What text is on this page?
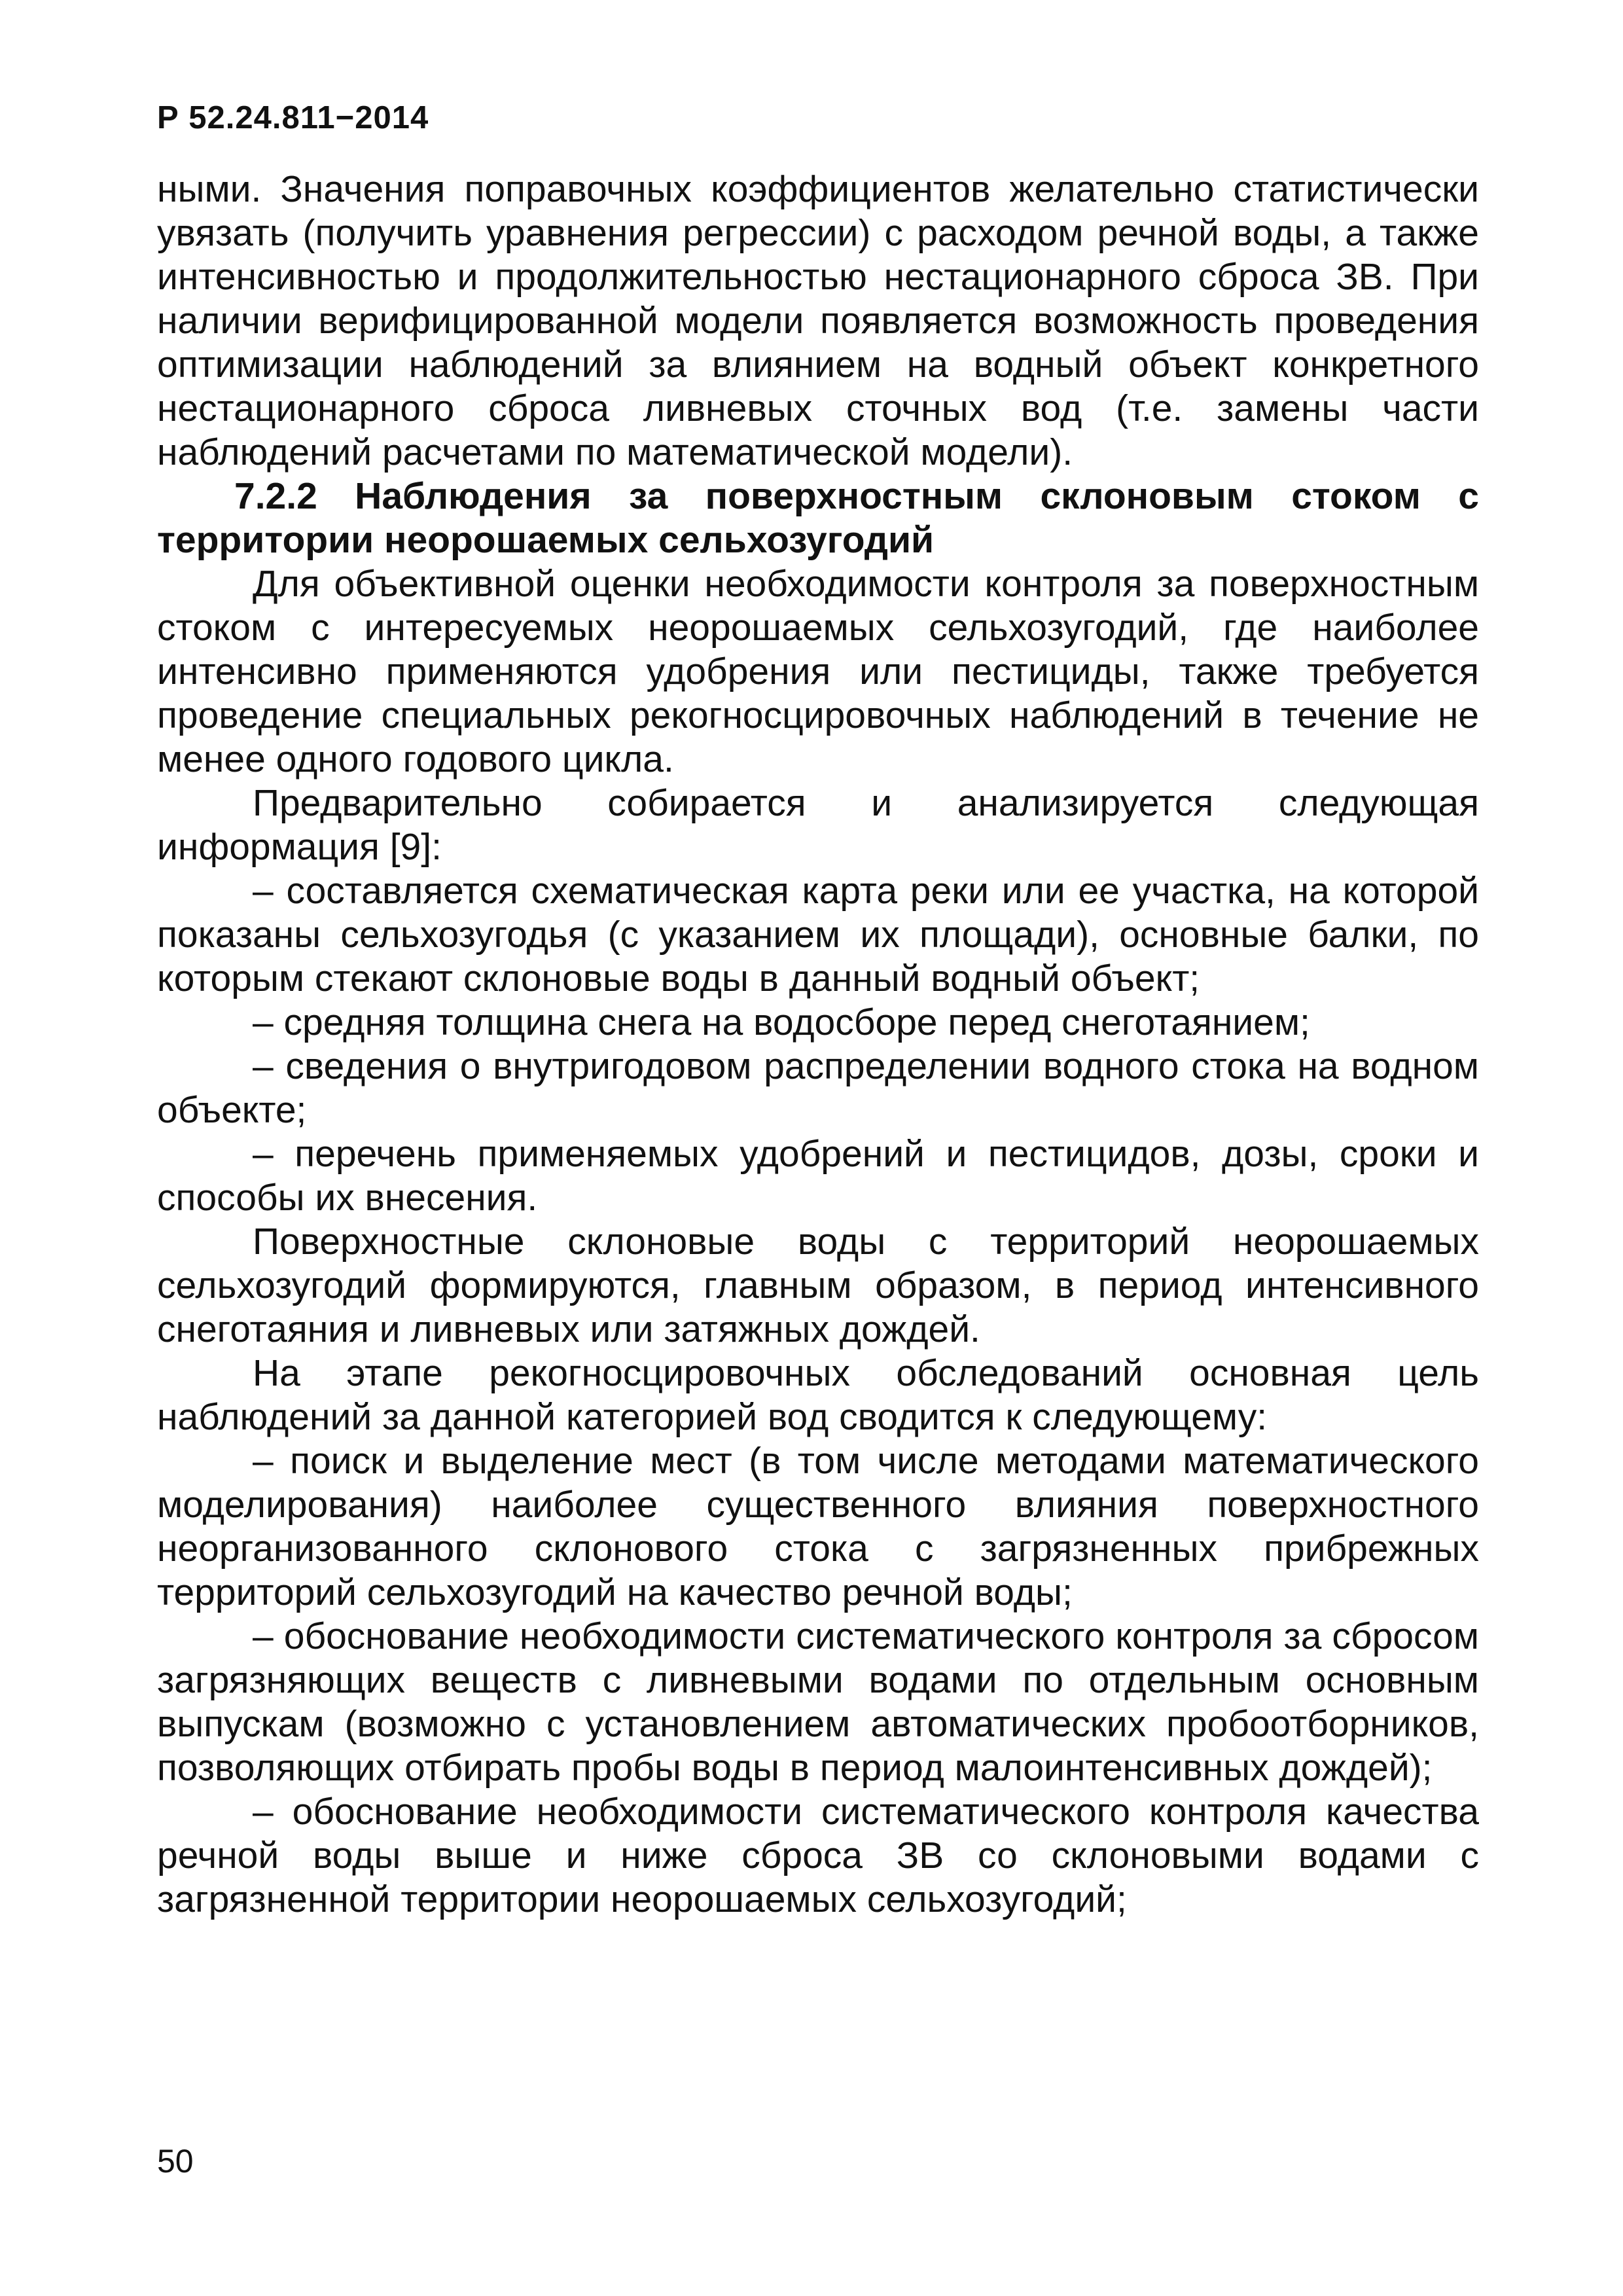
Р 52.24.811−2014

ными. Значения поправочных коэффициентов желательно статистически увязать (получить уравнения регрессии) с расходом речной воды, а также интенсивностью и продолжительностью нестационарного сброса ЗВ. При наличии верифицированной модели появляется возможность проведения оптимизации наблюдений за влиянием на водный объект конкретного нестационарного сброса ливневых сточных вод (т.е. замены части наблюдений расчетами по математической модели).

7.2.2 Наблюдения за поверхностным склоновым стоком с территории неорошаемых сельхозугодий

Для объективной оценки необходимости контроля за поверхностным стоком с интересуемых неорошаемых сельхозугодий, где наиболее интенсивно применяются удобрения или пестициды, также требуется проведение специальных рекогносцировочных наблюдений в течение не менее одного годового цикла.

Предварительно собирается и анализируется следующая информация [9]:

– составляется схематическая карта реки или ее участка, на которой показаны сельхозугодья (с указанием их площади), основные балки, по которым стекают склоновые воды в данный водный объект;

– средняя толщина снега на водосборе перед снеготаянием;

– сведения о внутригодовом распределении водного стока на водном объекте;

– перечень применяемых удобрений и пестицидов, дозы, сроки и способы их внесения.

Поверхностные склоновые воды с территорий неорошаемых сельхозугодий формируются, главным образом, в период интенсивного снеготаяния и ливневых или затяжных дождей.

На этапе рекогносцировочных обследований основная цель наблюдений за данной категорией вод сводится к следующему:

– поиск и выделение мест (в том числе методами математического моделирования) наиболее существенного влияния поверхностного неорганизованного склонового стока с загрязненных прибрежных территорий сельхозугодий на качество речной воды;

– обоснование необходимости систематического контроля за сбросом загрязняющих веществ с ливневыми водами по отдельным основным выпускам (возможно с установлением автоматических пробоотборников, позволяющих отбирать пробы воды в период малоинтенсивных дождей);

– обоснование необходимости систематического контроля качества речной воды выше и ниже сброса ЗВ со склоновыми водами с загрязненной территории неорошаемых сельхозугодий;

50
